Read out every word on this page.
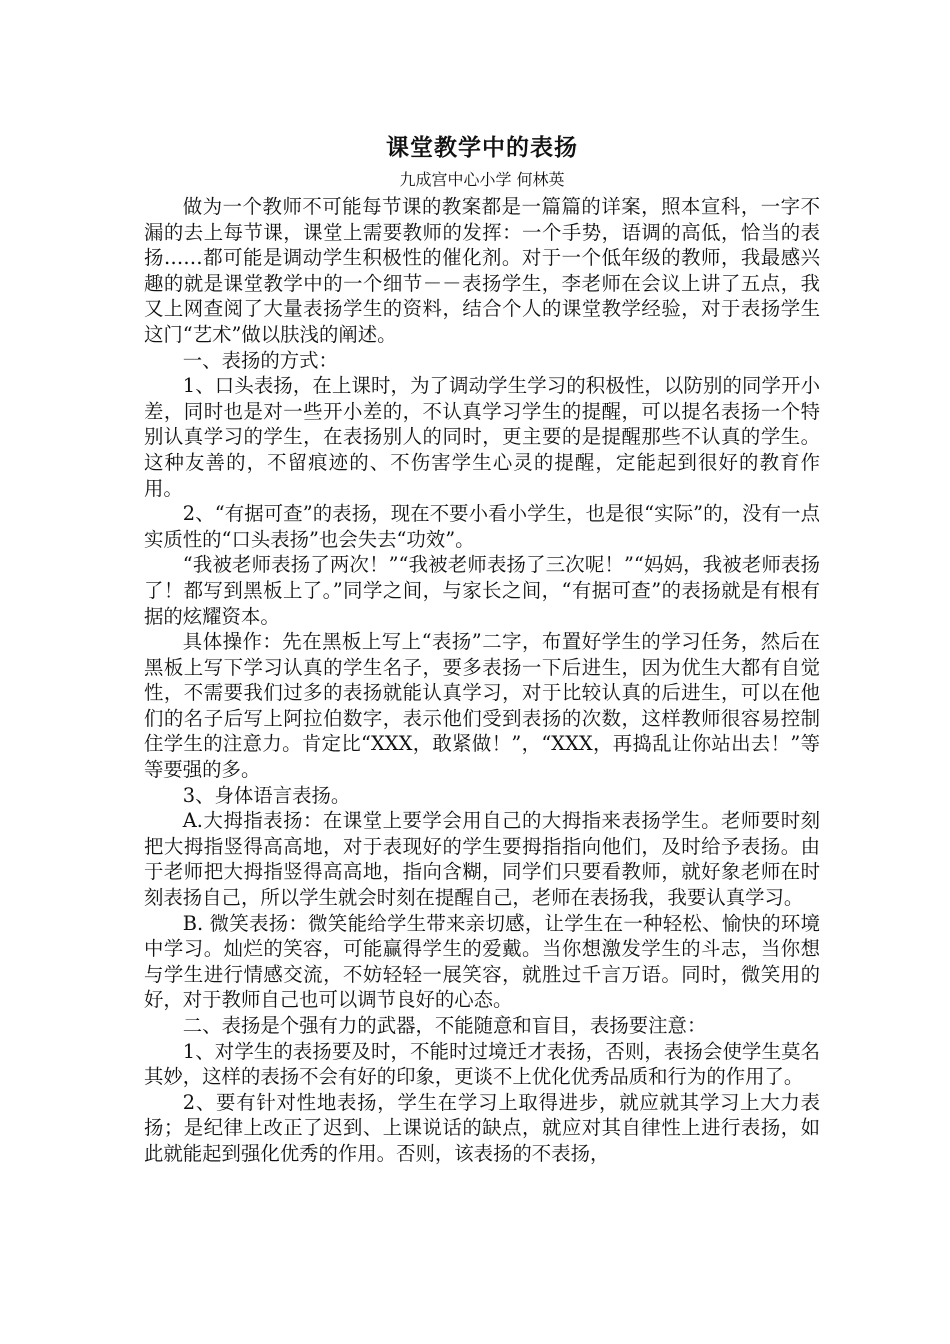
课堂教学中的表扬

九成宫中心小学 何林英

做为一个教师不可能每节课的教案都是一篇篇的详案，照本宣科，一字不漏的去上每节课，课堂上需要教师的发挥：一个手势，语调的高低，恰当的表扬……都可能是调动学生积极性的催化剂。对于一个低年级的教师，我最感兴趣的就是课堂教学中的一个细节－－表扬学生，李老师在会议上讲了五点，我又上网查阅了大量表扬学生的资料，结合个人的课堂教学经验，对于表扬学生这门“艺术”做以肤浅的阐述。

一、表扬的方式：

1、口头表扬，在上课时，为了调动学生学习的积极性，以防别的同学开小差，同时也是对一些开小差的，不认真学习学生的提醒，可以提名表扬一个特别认真学习的学生，在表扬别人的同时，更主要的是提醒那些不认真的学生。这种友善的，不留痕迹的、不伤害学生心灵的提醒，定能起到很好的教育作用。

2、“有据可查”的表扬，现在不要小看小学生，也是很“实际”的，没有一点实质性的“口头表扬”也会失去“功效”。

“我被老师表扬了两次！”“我被老师表扬了三次呢！”“妈妈，我被老师表扬了！都写到黑板上了。”同学之间，与家长之间，“有据可查”的表扬就是有根有据的炫耀资本。

具体操作：先在黑板上写上“表扬”二字，布置好学生的学习任务，然后在黑板上写下学习认真的学生名子，要多表扬一下后进生，因为优生大都有自觉性，不需要我们过多的表扬就能认真学习，对于比较认真的后进生，可以在他们的名子后写上阿拉伯数字，表示他们受到表扬的次数，这样教师很容易控制住学生的注意力。肯定比“XXX，敢紧做！”，“XXX，再捣乱让你站出去！”等等要强的多。

3、身体语言表扬。

A.大拇指表扬：在课堂上要学会用自己的大拇指来表扬学生。老师要时刻把大拇指竖得高高地，对于表现好的学生要拇指指向他们，及时给予表扬。由于老师把大拇指竖得高高地，指向含糊，同学们只要看教师，就好象老师在时刻表扬自己，所以学生就会时刻在提醒自己，老师在表扬我，我要认真学习。

B. 微笑表扬：微笑能给学生带来亲切感，让学生在一种轻松、愉快的环境中学习。灿烂的笑容，可能赢得学生的爱戴。当你想激发学生的斗志，当你想与学生进行情感交流，不妨轻轻一展笑容，就胜过千言万语。同时，微笑用的好，对于教师自己也可以调节良好的心态。

二、表扬是个强有力的武器，不能随意和盲目，表扬要注意：

1、对学生的表扬要及时，不能时过境迁才表扬，否则，表扬会使学生莫名其妙，这样的表扬不会有好的印象，更谈不上优化优秀品质和行为的作用了。

2、要有针对性地表扬，学生在学习上取得进步，就应就其学习上大力表扬；是纪律上改正了迟到、上课说话的缺点，就应对其自律性上进行表扬，如此就能起到强化优秀的作用。否则，该表扬的不表扬，
